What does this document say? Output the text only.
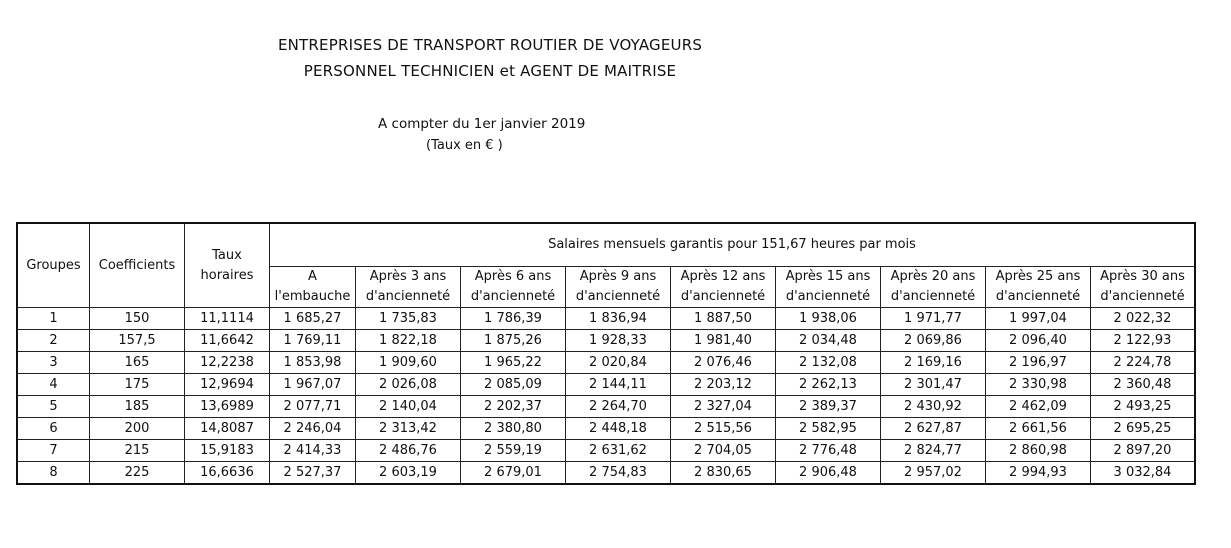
ENTREPRISES DE TRANSPORT ROUTIER DE VOYAGEURS
PERSONNEL TECHNICIEN et AGENT DE MAITRISE
A compter du 1er janvier 2019
(Taux en € )
Groupes	Coefficients	Taux horaires	Salaires mensuels garantis pour 151,67 heures par mois								
			A	Après 3 ans	Après 6 ans	Après 9 ans	Après 12 ans	Après 15 ans	Après 20 ans	Après 25 ans	Après 30 ans
			l'embauche	d'ancienneté	d'ancienneté	d'ancienneté	d'ancienneté	d'ancienneté	d'ancienneté	d'ancienneté	d'ancienneté
1	150	11,1114	1 685,27	1 735,83	1 786,39	1 836,94	1 887,50	1 938,06	1 971,77	1 997,04	2 022,32
2	157,5	11,6642	1 769,11	1 822,18	1 875,26	1 928,33	1 981,40	2 034,48	2 069,86	2 096,40	2 122,93
3	165	12,2238	1 853,98	1 909,60	1 965,22	2 020,84	2 076,46	2 132,08	2 169,16	2 196,97	2 224,78
4	175	12,9694	1 967,07	2 026,08	2 085,09	2 144,11	2 203,12	2 262,13	2 301,47	2 330,98	2 360,48
5	185	13,6989	2 077,71	2 140,04	2 202,37	2 264,70	2 327,04	2 389,37	2 430,92	2 462,09	2 493,25
6	200	14,8087	2 246,04	2 313,42	2 380,80	2 448,18	2 515,56	2 582,95	2 627,87	2 661,56	2 695,25
7	215	15,9183	2 414,33	2 486,76	2 559,19	2 631,62	2 704,05	2 776,48	2 824,77	2 860,98	2 897,20
8	225	16,6636	2 527,37	2 603,19	2 679,01	2 754,83	2 830,65	2 906,48	2 957,02	2 994,93	3 032,84
